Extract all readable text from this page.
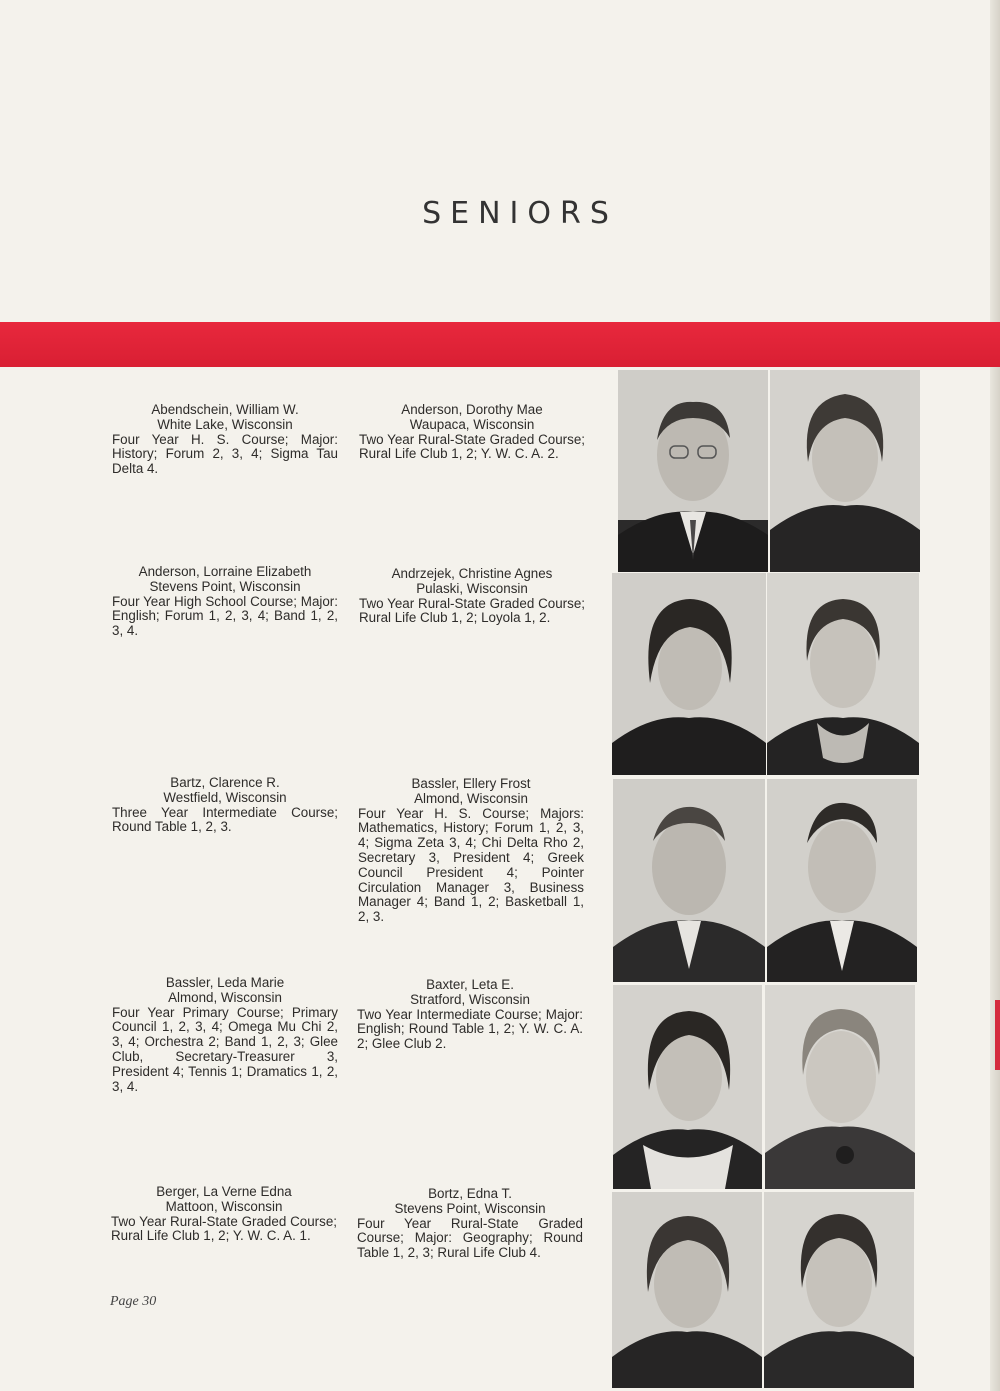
SENIORS
Abendschein, William W.
White Lake, Wisconsin
Four Year H. S. Course; Major: History; Forum 2, 3, 4; Sigma Tau Delta 4.
Anderson, Dorothy Mae
Waupaca, Wisconsin
Two Year Rural-State Graded Course; Rural Life Club 1, 2; Y. W. C. A. 2.
Anderson, Lorraine Elizabeth
Stevens Point, Wisconsin
Four Year High School Course; Major: English; Forum 1, 2, 3, 4; Band 1, 2, 3, 4.
Andrzejek, Christine Agnes
Pulaski, Wisconsin
Two Year Rural-State Graded Course; Rural Life Club 1, 2; Loyola 1, 2.
Bartz, Clarence R.
Westfield, Wisconsin
Three Year Intermediate Course; Round Table 1, 2, 3.
Bassler, Ellery Frost
Almond, Wisconsin
Four Year H. S. Course; Majors: Mathematics, History; Forum 1, 2, 3, 4; Sigma Zeta 3, 4; Chi Delta Rho 2, Secretary 3, President 4; Greek Council President 4; Pointer Circulation Manager 3, Business Manager 4; Band 1, 2; Basketball 1, 2, 3.
Bassler, Leda Marie
Almond, Wisconsin
Four Year Primary Course; Primary Council 1, 2, 3, 4; Omega Mu Chi 2, 3, 4; Orchestra 2; Band 1, 2, 3; Glee Club, Secretary-Treasurer 3, President 4; Tennis 1; Dramatics 1, 2, 3, 4.
Baxter, Leta E.
Stratford, Wisconsin
Two Year Intermediate Course; Major: English; Round Table 1, 2; Y. W. C. A. 2; Glee Club 2.
Berger, La Verne Edna
Mattoon, Wisconsin
Two Year Rural-State Graded Course; Rural Life Club 1, 2; Y. W. C. A. 1.
Bortz, Edna T.
Stevens Point, Wisconsin
Four Year Rural-State Graded Course; Major: Geography; Round Table 1, 2, 3; Rural Life Club 4.
Page 30
